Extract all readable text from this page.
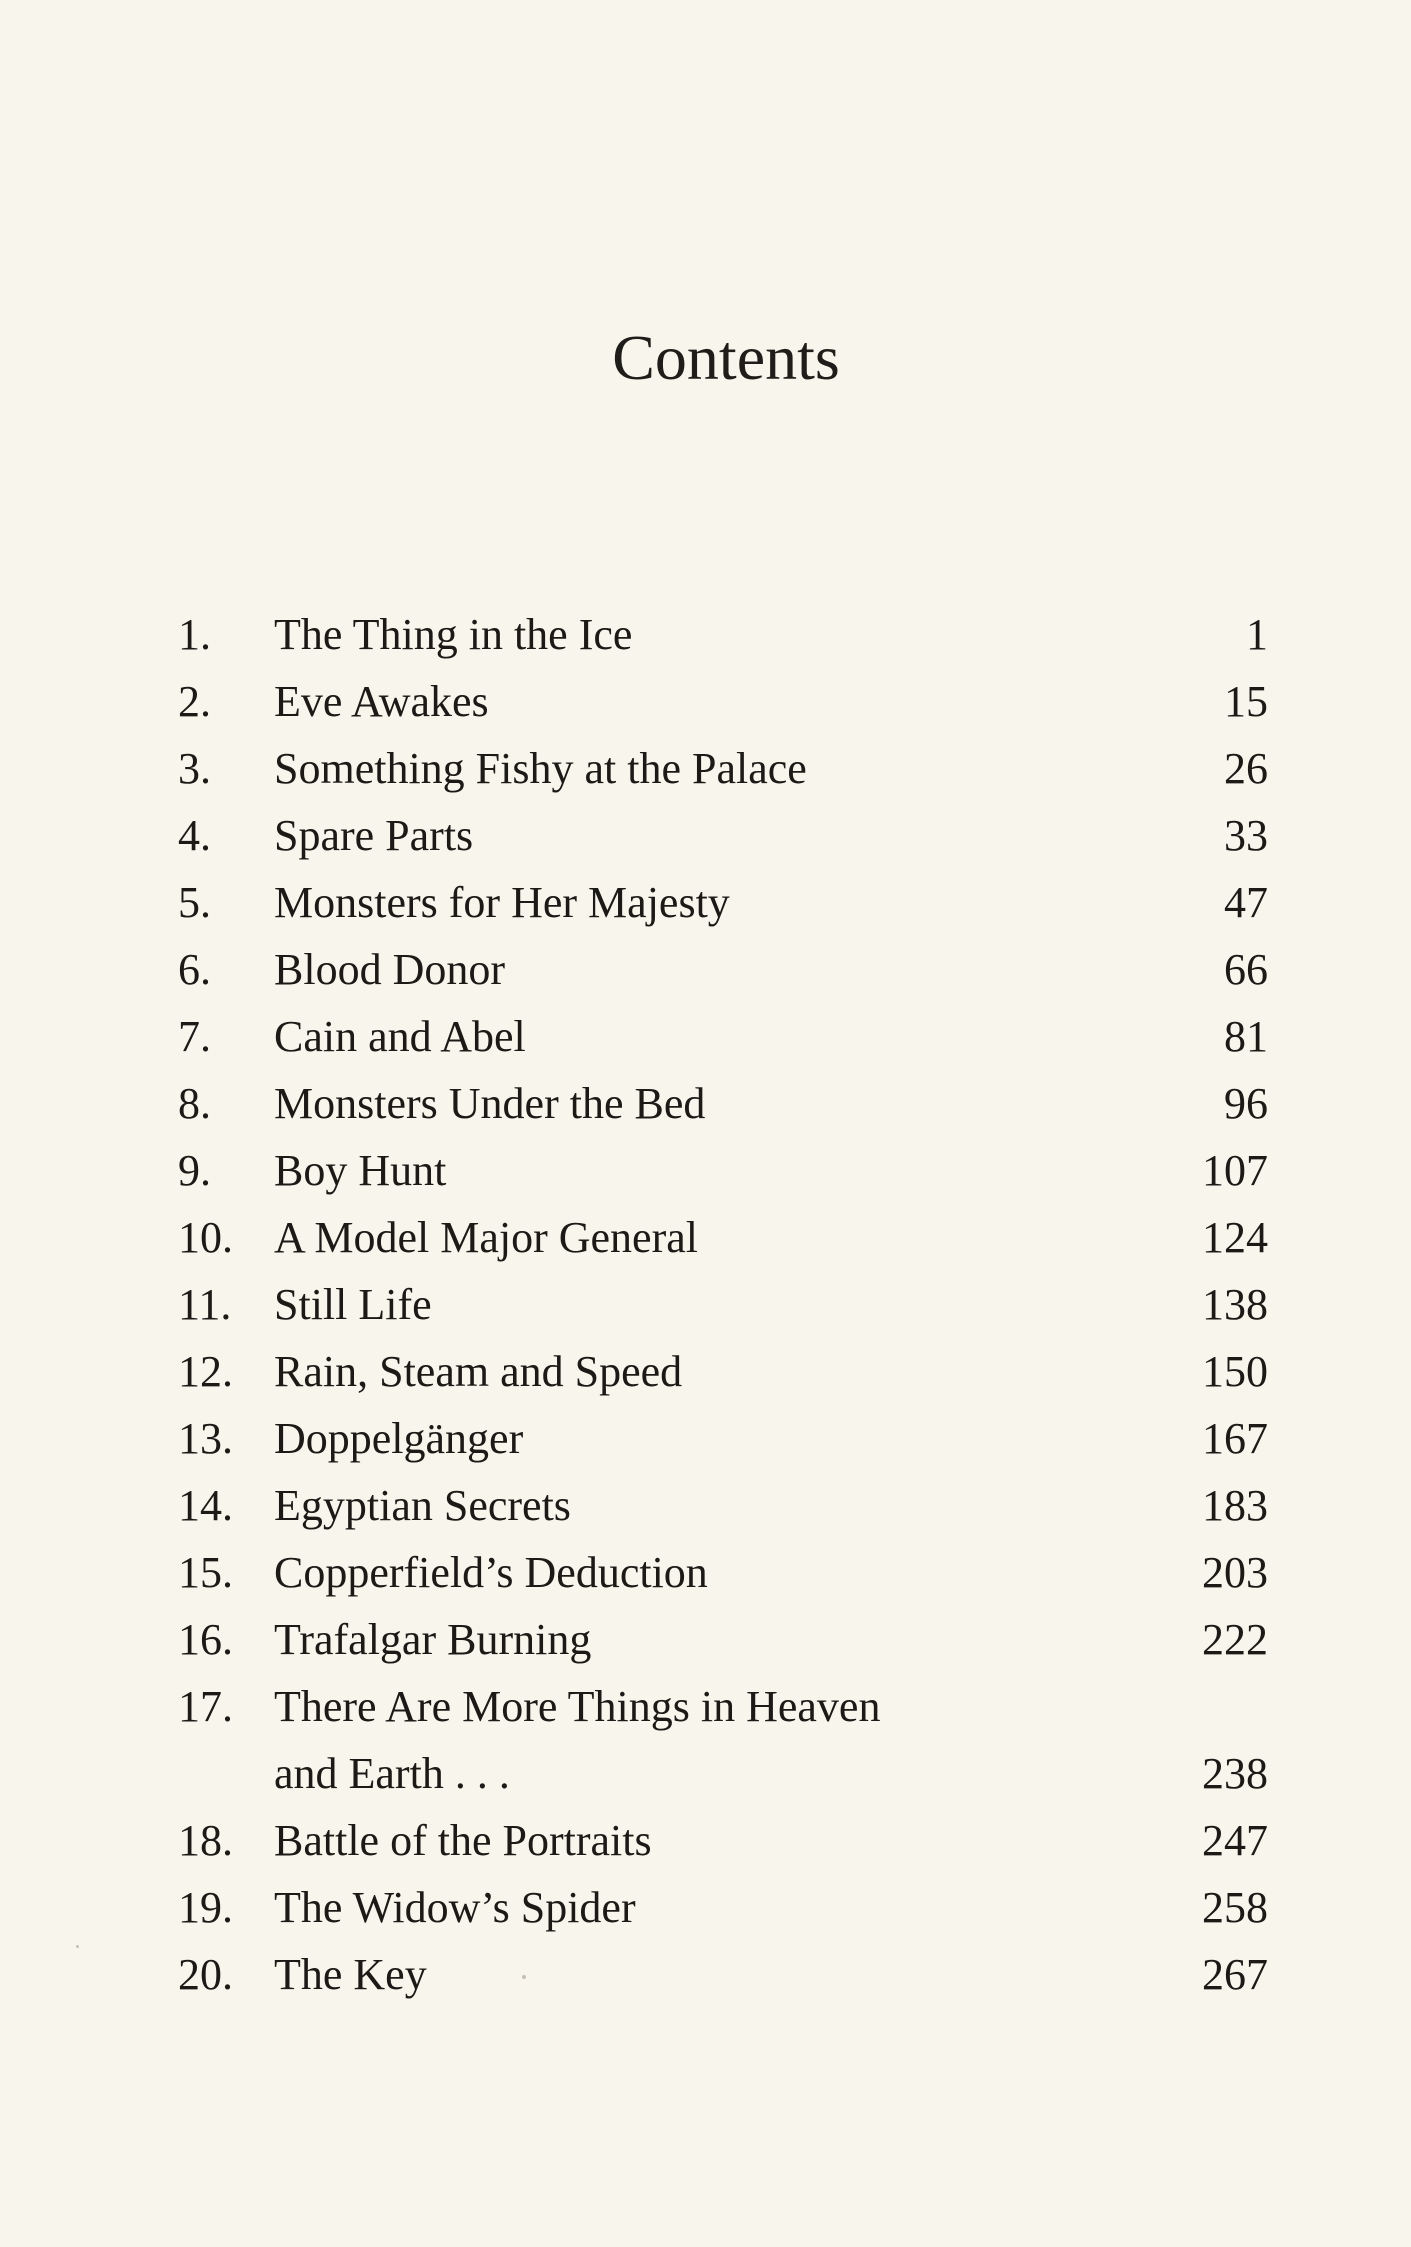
Contents
1.	The Thing in the Ice	1
2.	Eve Awakes	15
3.	Something Fishy at the Palace	26
4.	Spare Parts	33
5.	Monsters for Her Majesty	47
6.	Blood Donor	66
7.	Cain and Abel	81
8.	Monsters Under the Bed	96
9.	Boy Hunt	107
10. A Model Major General	124
11. Still Life	138
12. Rain, Steam and Speed	150
13. Doppelgänger	167
14. Egyptian Secrets	183
15. Copperfield’s Deduction	203
16. Trafalgar Burning	222
17. There Are More Things in Heaven
and Earth . . .	238
18. Battle of the Portraits	247
19. The Widow’s Spider	258
20. The Key	267
